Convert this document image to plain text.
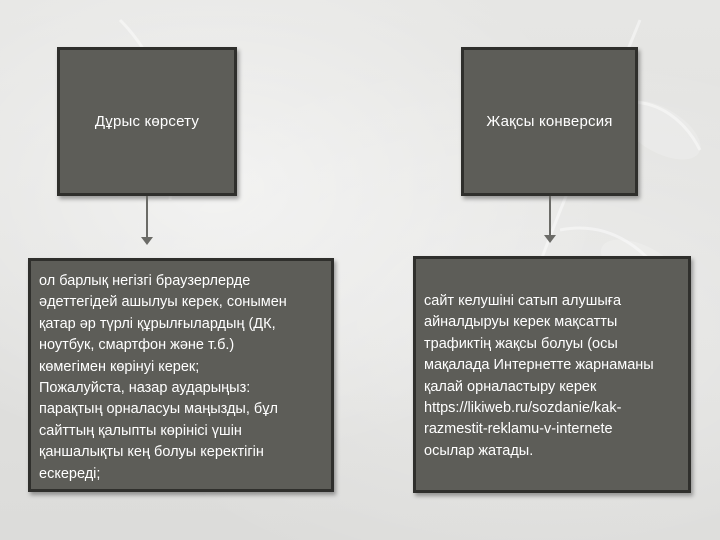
Дұрыс көрсету	Жақсы конверсия
ол барлық негізгі браузерлерде
әдеттегідей ашылуы керек, сонымен
қатар әр түрлі құрылғылардың (ДК,
ноутбук, смартфон және т.б.)
көмегімен көрінуі керек;
Пожалуйста, назар аударыңыз:
парақтың орналасуы маңызды, бұл
сайттың қалыпты көрінісі үшін
қаншалықты кең болуы керектігін
ескереді;
сайт келушіні сатып алушыға
айналдыруы керек мақсатты
трафиктің жақсы болуы (осы
мақалада Интернетте жарнаманы
қалай орналастыру керек
https://likiweb.ru/sozdanie/kak-
razmestit-reklamu-v-internete
осылар жатады.
